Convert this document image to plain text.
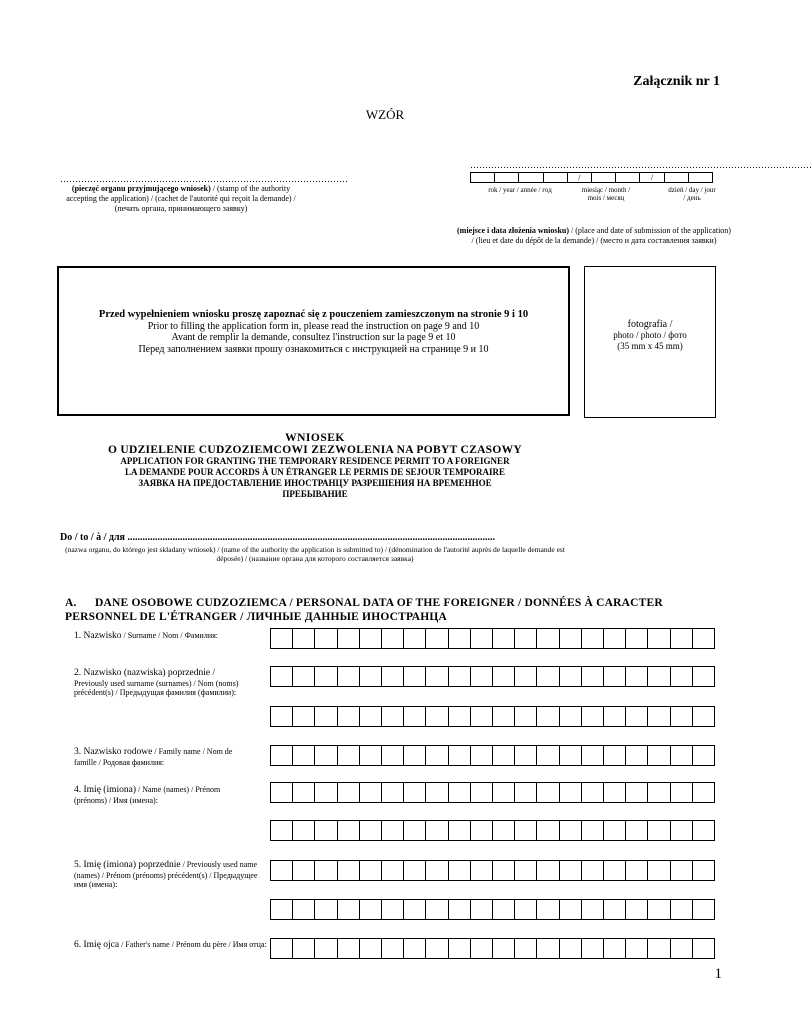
Załącznik nr 1
WZÓR
……………………………………………………………………………………
(pieczęć organu przyjmującego wniosek) / (stamp of the authority accepting the application) / (cachet de l'autorité qui reçoit la demande) / (печать органа, принимающего заявку)
……………………………………………………………………………………………………
/	/
rok / year / année / год	miesiąc / month / mois / месяц
dzień / day / jour / день
(miejsce i data złożenia wniosku) / (place and date of submission of the application) / (lieu et date du dépôt de la demande) / (место и дата составления заявки)
Przed wypełnieniem wniosku proszę zapoznać się z pouczeniem zamieszczonym na stronie 9 i 10
Prior to filling the application form in, please read the instruction on page 9 and 10
Avant de remplir la demande, consultez l'instruction sur la page 9 et 10
Перед заполнением заявки прошу ознакомиться с инструкцией на странице 9 и 10
fotografia /
photo / photo / фото
(35 mm x 45 mm)
WNIOSEK
O UDZIELENIE CUDZOZIEMCOWI ZEZWOLENIA NA POBYT CZASOWY
APPLICATION FOR GRANTING THE TEMPORARY RESIDENCE PERMIT TO A FOREIGNER
LA DEMANDE POUR ACCORDS À UN ÉTRANGER LE PERMIS DE SEJOUR TEMPORAIRE
ЗАЯВКА НА ПРЕДОСТАВЛЕНИЕ ИНОСТРАНЦУ РАЗРЕШЕНИЯ НА ВРЕМЕННОЕ
ПРЕБЫВАНИЕ
Do / to / à / для ...................................................................................................................................................
(nazwa organu, do którego jest składany wniosek) / (name of the authority the application is submitted to) / (dénomination de l'autorité auprès de laquelle demande est déposée) / (название органа для которого составляется заявка)
A. DANE OSOBOWE CUDZOZIEMCA / PERSONAL DATA OF THE FOREIGNER / DONNÉES À CARACTER PERSONNEL DE L'ÉTRANGER / ЛИЧНЫЕ ДАННЫЕ ИНОСТРАНЦА
1. Nazwisko / Surname / Nom / Фамилия:
2. Nazwisko (nazwiska) poprzednie /
Previously used surname (surnames) / Nom (noms) précédent(s) / Предыдущая фамилия (фамилии):
3. Nazwisko rodowe / Family name / Nom de famille / Родовая фамилия:
4. Imię (imiona) / Name (names) / Prénom (prénoms) / Имя (имена):
5. Imię (imiona) poprzednie / Previously used name (names) / Prénom (prénoms) précédent(s) / Предыдущее имя (имена):
6. Imię ojca / Father's name / Prénom du père / Имя отца:
1
